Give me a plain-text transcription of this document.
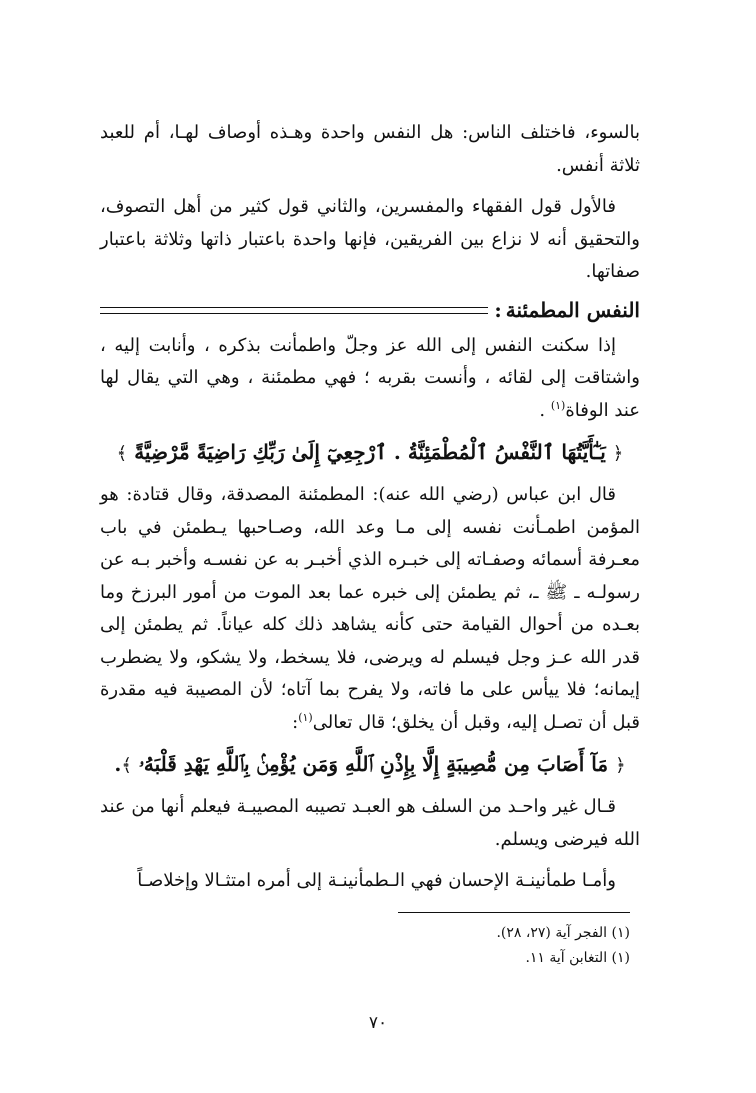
بالسوء، فاختلف الناس: هل النفس واحدة وهـذه أوصاف لهـا، أم للعبد ثلاثة أنفس.

فالأول قول الفقهاء والمفسرين، والثاني قول كثير من أهل التصوف، والتحقيق أنه لا نزاع بين الفريقين، فإنها واحدة باعتبار ذاتها وثلاثة باعتبار صفاتها.

النفس المطمئنة
:

إذا سكنت النفس إلى الله عز وجلّ واطمأنت بذكره ، وأنابت إليه ، واشتاقت إلى لقائه ، وأنست بقربه ؛ فهي مطمئنة ، وهي التي يقال لها عند الوفاة$^{(١)}$ .

﴿ يَـٰٓأَيَّتُهَا ٱلنَّفْسُ ٱلْمُطْمَئِنَّةُ . ٱرْجِعِيٓ إِلَىٰ رَبِّكِ رَاضِيَةً مَّرْضِيَّةً ﴾

قال ابن عباس (رضي الله عنه): المطمئنة المصدقة، وقال قتادة: هو المؤمن اطمـأنت نفسه إلى مـا وعد الله، وصـاحبها يـطمئن في باب معـرفة أسمائه وصفـاته إلى خبـره الذي أخبـر به عن نفسـه وأخبر بـه عن رسولـه ـ ﷺ ـ، ثم يطمئن إلى خبره عما بعد الموت من أمور البرزخ وما بعـده من أحوال القيامة حتى كأنه يشاهد ذلك كله عياناً. ثم يطمئن إلى قدر الله عـز وجل فيسلم له ويرضى، فلا يسخط، ولا يشكو، ولا يضطرب إيمانه؛ فلا ييأس على ما فاته، ولا يفرح بما آتاه؛ لأن المصيبة فيه مقدرة قبل أن تصـل إليه، وقبل أن يخلق؛ قال تعالى$^{(١)}$:

﴿ مَآ أَصَابَ مِن مُّصِيبَةٍ إِلَّا بِإِذْنِ ٱللَّهِ وَمَن يُؤْمِنۢ بِٱللَّهِ يَهْدِ قَلْبَهُۥ ﴾.

قـال غير واحـد من السلف هو العبـد تصيبه المصيبـة فيعلم أنها من عند الله فيرضى ويسلم.

وأمـا طمأنينـة الإحسان فهي الـطمأنينـة إلى أمره امتثـالا وإخلاصـاً

(١) الفجر آية (٢٧، ٢٨).

(١) التغابن آية ١١.

٧٠
